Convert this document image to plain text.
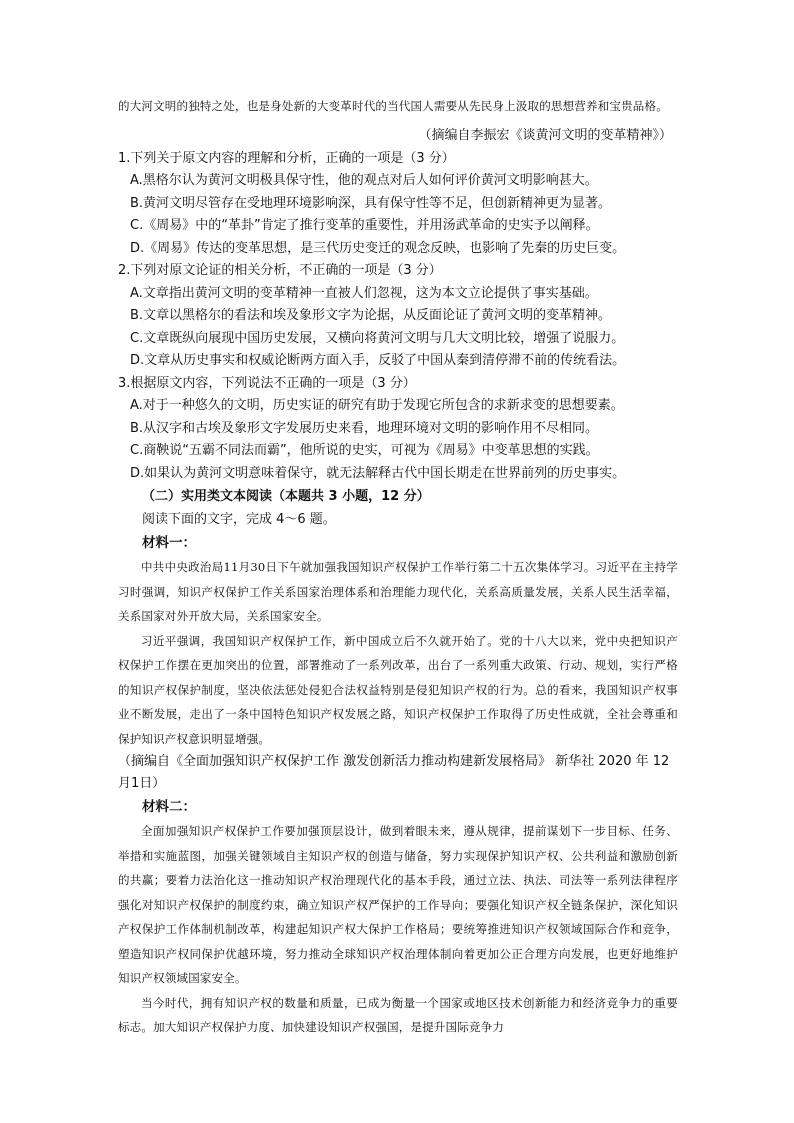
的大河文明的独特之处，也是身处新的大变革时代的当代国人需要从先民身上汲取的思想营养和宝贵品格。

（摘编自李振宏《谈黄河文明的变革精神》）

1.下列关于原文内容的理解和分析，正确的一项是（3 分）

A.黑格尔认为黄河文明极具保守性，他的观点对后人如何评价黄河文明影响甚大。

B.黄河文明尽管存在受地理环境影响深，具有保守性等不足，但创新精神更为显著。

C.《周易》中的“革卦”肯定了推行变革的重要性，并用汤武革命的史实予以阐释。

D.《周易》传达的变革思想，是三代历史变迁的观念反映，也影响了先秦的历史巨变。

2.下列对原文论证的相关分析，不正确的一项是（3 分）

A.文章指出黄河文明的变革精神一直被人们忽视，这为本文立论提供了事实基础。

B.文章以黑格尔的看法和埃及象形文字为论据，从反面论证了黄河文明的变革精神。

C.文章既纵向展现中国历史发展，又横向将黄河文明与几大文明比较，增强了说服力。

D.文章从历史事实和权威论断两方面入手，反驳了中国从秦到清停滞不前的传统看法。

3.根据原文内容，下列说法不正确的一项是（3 分）

A.对于一种悠久的文明，历史实证的研究有助于发现它所包含的求新求变的思想要素。

B.从汉字和古埃及象形文字发展历史来看，地理环境对文明的影响作用不尽相同。

C.商鞅说“五霸不同法而霸”，他所说的史实，可视为《周易》中变革思想的实践。

D.如果认为黄河文明意味着保守，就无法解释古代中国长期走在世界前列的历史事实。

（二）实用类文本阅读（本题共 3 小题，12 分）

阅读下面的文字，完成 4～6 题。

材料一：

中共中央政治局11月30日下午就加强我国知识产权保护工作举行第二十五次集体学习。习近平在主持学习时强调，知识产权保护工作关系国家治理体系和治理能力现代化，关系高质量发展，关系人民生活幸福，关系国家对外开放大局，关系国家安全。

习近平强调，我国知识产权保护工作，新中国成立后不久就开始了。党的十八大以来，党中央把知识产权保护工作摆在更加突出的位置，部署推动了一系列改革，出台了一系列重大政策、行动、规划，实行严格的知识产权保护制度，坚决依法惩处侵犯合法权益特别是侵犯知识产权的行为。总的看来，我国知识产权事业不断发展，走出了一条中国特色知识产权发展之路，知识产权保护工作取得了历史性成就，全社会尊重和保护知识产权意识明显增强。

（摘编自《全面加强知识产权保护工作 激发创新活力推动构建新发展格局》 新华社 2020 年 12月1日）

材料二：

全面加强知识产权保护工作要加强顶层设计，做到着眼未来，遵从规律，提前谋划下一步目标、任务、举措和实施蓝图，加强关键领域自主知识产权的创造与储备，努力实现保护知识产权、公共利益和激励创新的共赢；要着力法治化这一推动知识产权治理现代化的基本手段，通过立法、执法、司法等一系列法律程序强化对知识产权保护的制度约束，确立知识产权严保护的工作导向；要强化知识产权全链条保护，深化知识产权保护工作体制机制改革，构建起知识产权大保护工作格局；要统筹推进知识产权领域国际合作和竞争，塑造知识产权同保护优越环境，努力推动全球知识产权治理体制向着更加公正合理方向发展，也更好地维护知识产权领域国家安全。

当今时代，拥有知识产权的数量和质量，已成为衡量一个国家或地区技术创新能力和经济竞争力的重要标志。加大知识产权保护力度、加快建设知识产权强国，是提升国际竞争力
